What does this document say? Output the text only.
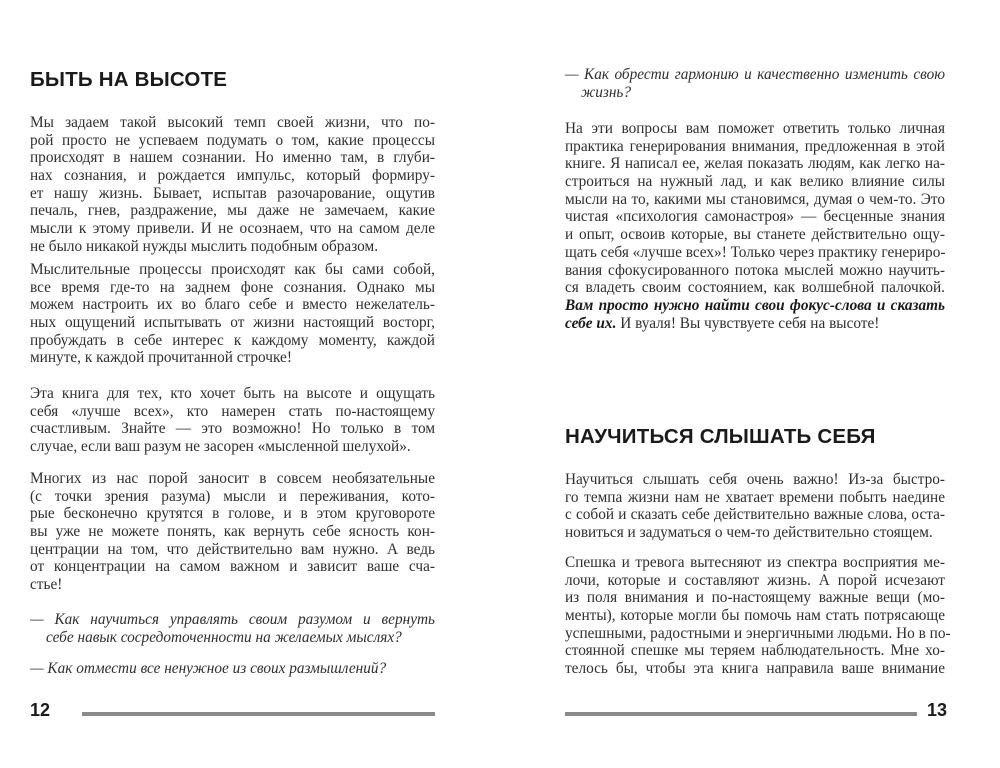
БЫТЬ НА ВЫСОТЕ
Мы задаем такой высокий темп своей жизни, что по-
рой просто не успеваем подумать о том, какие процессы
происходят в нашем сознании. Но именно там, в глуби-
нах сознания, и рождается импульс, который формиру-
ет нашу жизнь. Бывает, испытав разочарование, ощутив
печаль, гнев, раздражение, мы даже не замечаем, какие
мысли к этому привели. И не осознаем, что на самом деле
не было никакой нужды мыслить подобным образом.
Мыслительные процессы происходят как бы сами собой,
все время где-то на заднем фоне сознания. Однако мы
можем настроить их во благо себе и вместо нежелатель-
ных ощущений испытывать от жизни настоящий восторг,
пробуждать в себе интерес к каждому моменту, каждой
минуте, к каждой прочитанной строчке!
Эта книга для тех, кто хочет быть на высоте и ощущать
себя «лучше всех», кто намерен стать по-настоящему
счастливым. Знайте — это возможно! Но только в том
случае, если ваш разум не засорен «мысленной шелухой».
Многих из нас порой заносит в совсем необязательные
(с точки зрения разума) мысли и переживания, кото-
рые бесконечно крутятся в голове, и в этом круговороте
вы уже не можете понять, как вернуть себе ясность кон-
центрации на том, что действительно вам нужно. А ведь
от концентрации на самом важном и зависит ваше сча-
стье!
— Как научиться управлять своим разумом и вернуть
себе навык сосредоточенности на желаемых мыслях?
— Как отмести все ненужное из своих размышлений?
12
— Как обрести гармонию и качественно изменить свою
жизнь?
На эти вопросы вам поможет ответить только личная
практика генерирования внимания, предложенная в этой
книге. Я написал ее, желая показать людям, как легко на-
строиться на нужный лад, и как велико влияние силы
мысли на то, какими мы становимся, думая о чем-то. Это
чистая «психология самонастроя» — бесценные знания
и опыт, освоив которые, вы станете действительно ощу-
щать себя «лучше всех»! Только через практику генериро-
вания сфокусированного потока мыслей можно научить-
ся владеть своим состоянием, как волшебной палочкой.
Вам просто нужно найти свои фокус-слова и сказать
себе их. И вуаля! Вы чувствуете себя на высоте!
НАУЧИТЬСЯ СЛЫШАТЬ СЕБЯ
Научиться слышать себя очень важно! Из-за быстро-
го темпа жизни нам не хватает времени побыть наедине
с собой и сказать себе действительно важные слова, оста-
новиться и задуматься о чем-то действительно стоящем.
Спешка и тревога вытесняют из спектра восприятия ме-
лочи, которые и составляют жизнь. А порой исчезают
из поля внимания и по-настоящему важные вещи (мо-
менты), которые могли бы помочь нам стать потрясающе
успешными, радостными и энергичными людьми. Но в по-
стоянной спешке мы теряем наблюдательность. Мне хо-
телось бы, чтобы эта книга направила ваше внимание
13
